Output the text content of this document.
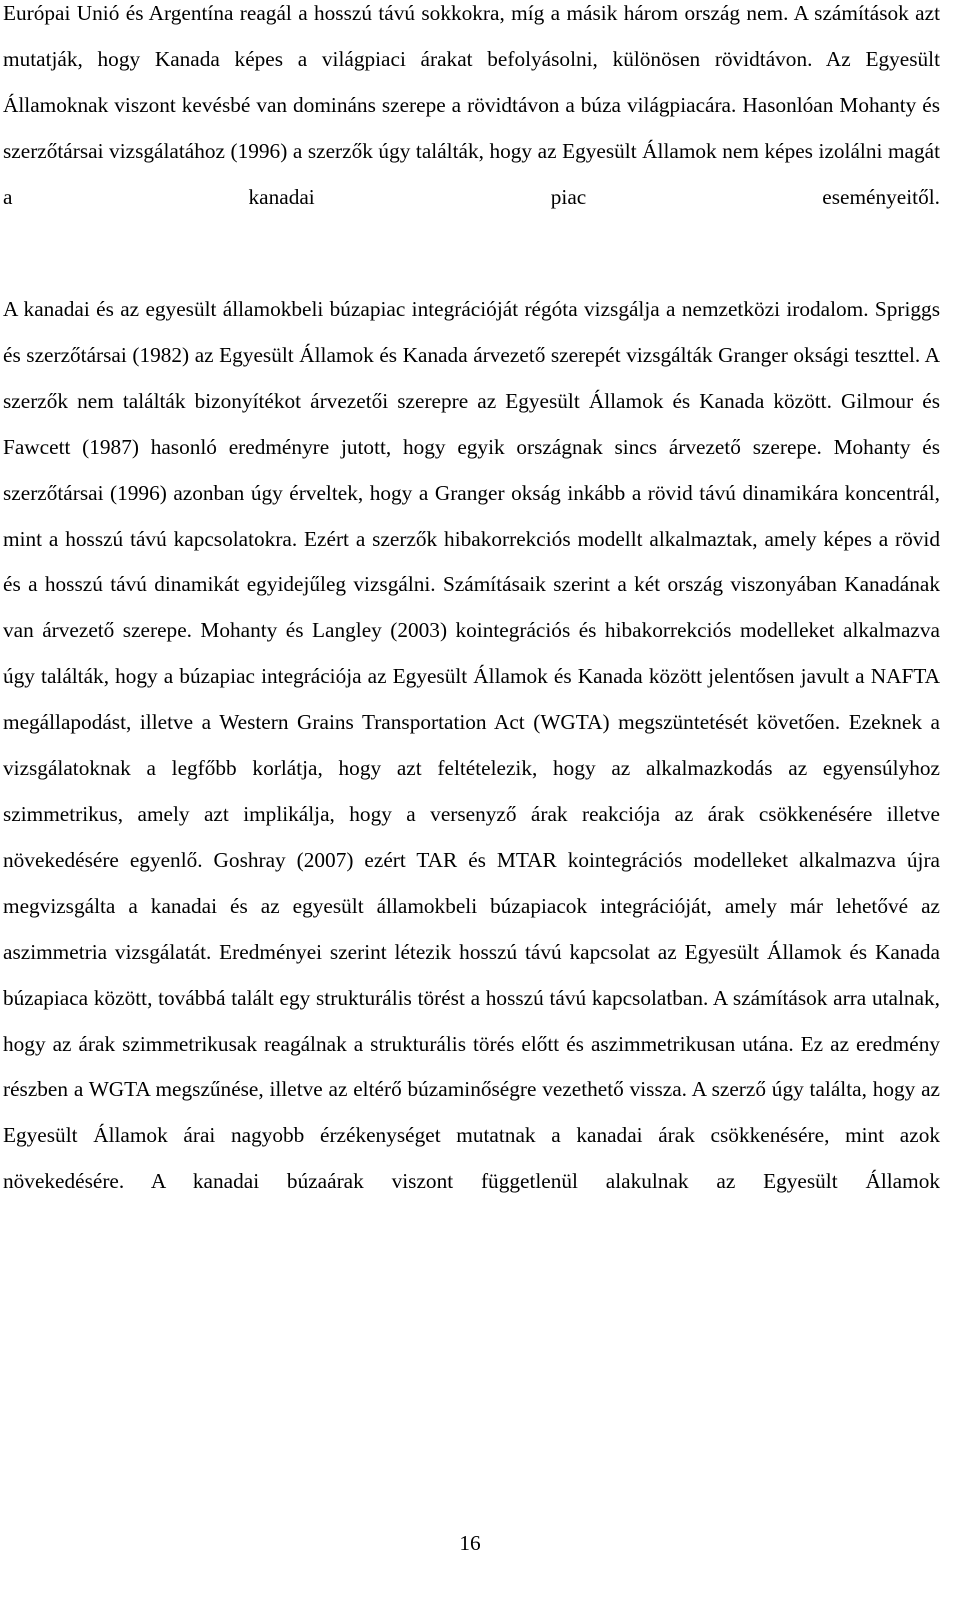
Európai Unió és Argentína reagál a hosszú távú sokkokra, míg a másik három ország nem. A számítások azt mutatják, hogy Kanada képes a világpiaci árakat befolyásolni, különösen rövidtávon. Az Egyesült Államoknak viszont kevésbé van domináns szerepe a rövidtávon a búza világpiacára. Hasonlóan Mohanty és szerzőtársai vizsgálatához (1996) a szerzők úgy találták, hogy az Egyesült Államok nem képes izolálni magát a kanadai piac eseményeitől.

A kanadai és az egyesült államokbeli búzapiac integrációját régóta vizsgálja a nemzetközi irodalom. Spriggs és szerzőtársai (1982) az Egyesült Államok és Kanada árvezető szerepét vizsgálták Granger oksági teszttel. A szerzők nem találták bizonyítékot árvezetői szerepre az Egyesült Államok és Kanada között. Gilmour és Fawcett (1987) hasonló eredményre jutott, hogy egyik országnak sincs árvezető szerepe. Mohanty és szerzőtársai (1996) azonban úgy érveltek, hogy a Granger okság inkább a rövid távú dinamikára koncentrál, mint a hosszú távú kapcsolatokra. Ezért a szerzők hibakorrekciós modellt alkalmaztak, amely képes a rövid és a hosszú távú dinamikát egyidejűleg vizsgálni. Számításaik szerint a két ország viszonyában Kanadának van árvezető szerepe. Mohanty és Langley (2003) kointegrációs és hibakorrekciós modelleket alkalmazva úgy találták, hogy a búzapiac integrációja az Egyesült Államok és Kanada között jelentősen javult a NAFTA megállapodást, illetve a Western Grains Transportation Act (WGTA) megszüntetését követően. Ezeknek a vizsgálatoknak a legfőbb korlátja, hogy azt feltételezik, hogy az alkalmazkodás az egyensúlyhoz szimmetrikus, amely azt implikálja, hogy a versenyző árak reakciója az árak csökkenésére illetve növekedésére egyenlő. Goshray (2007) ezért TAR és MTAR kointegrációs modelleket alkalmazva újra megvizsgálta a kanadai és az egyesült államokbeli búzapiacok integrációját, amely már lehetővé az aszimmetria vizsgálatát. Eredményei szerint létezik hosszú távú kapcsolat az Egyesült Államok és Kanada búzapiaca között, továbbá talált egy strukturális törést a hosszú távú kapcsolatban. A számítások arra utalnak, hogy az árak szimmetrikusak reagálnak a strukturális törés előtt és aszimmetrikusan utána. Ez az eredmény részben a WGTA megszűnése, illetve az eltérő búzaminőségre vezethető vissza. A szerző úgy találta, hogy az Egyesült Államok árai nagyobb érzékenységet mutatnak a kanadai árak csökkenésére, mint azok növekedésére. A kanadai búzaárak viszont függetlenül alakulnak az Egyesült Államok

16
